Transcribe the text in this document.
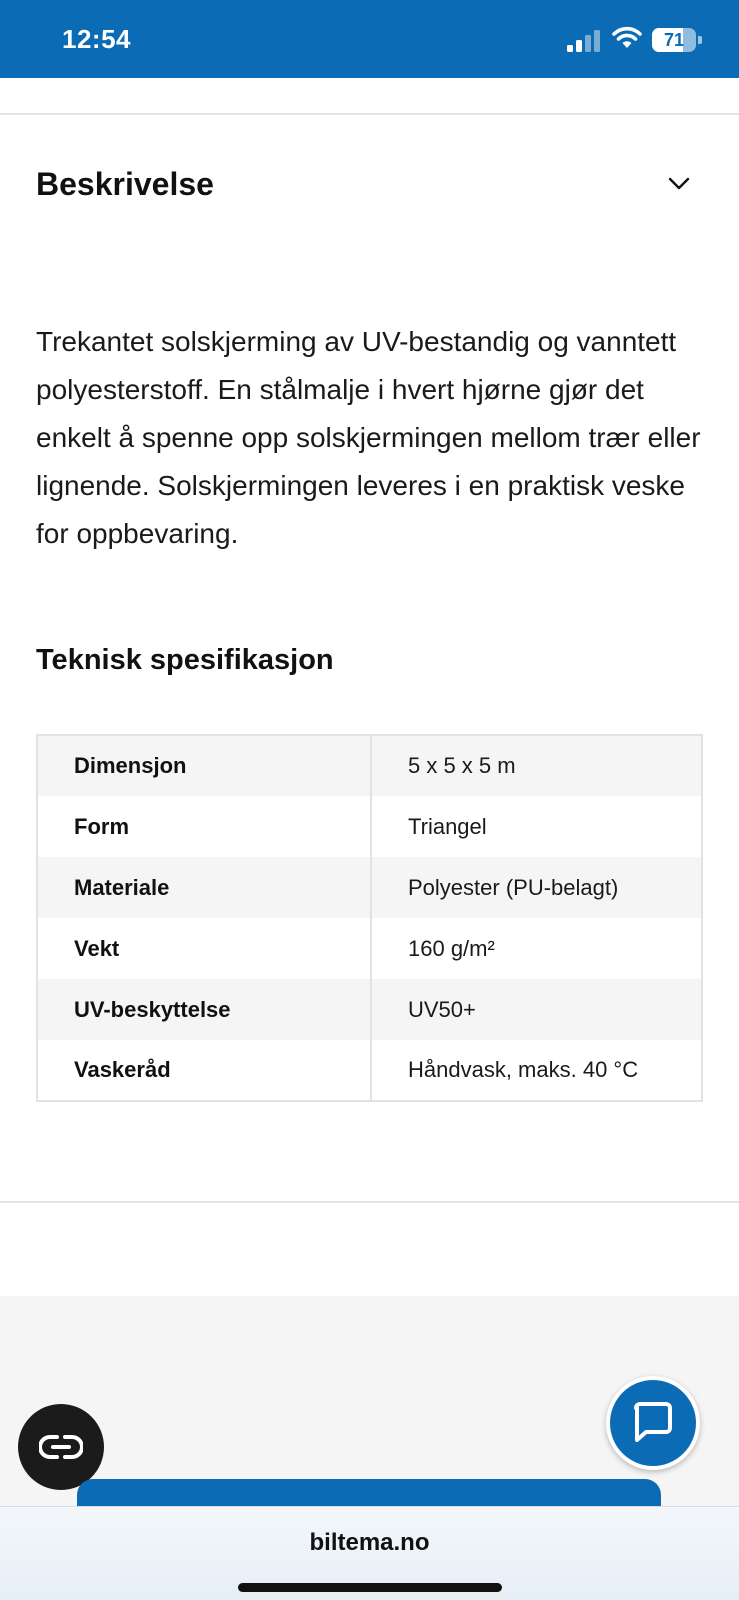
12:54	71
Beskrivelse

Trekantet solskjerming av UV-bestandig og vanntett polyesterstoff. En stålmalje i hvert hjørne gjør det enkelt å spenne opp solskjermingen mellom trær eller lignende. Solskjermingen leveres i en praktisk veske for oppbevaring.

Teknisk spesifikasjon
Dimensjon	5 x 5 x 5 m
Form	Triangel
Materiale	Polyester (PU-belagt)
Vekt	160 g/m²
UV-beskyttelse	UV50+
Vaskeråd	Håndvask, maks. 40 °C
biltema.no
